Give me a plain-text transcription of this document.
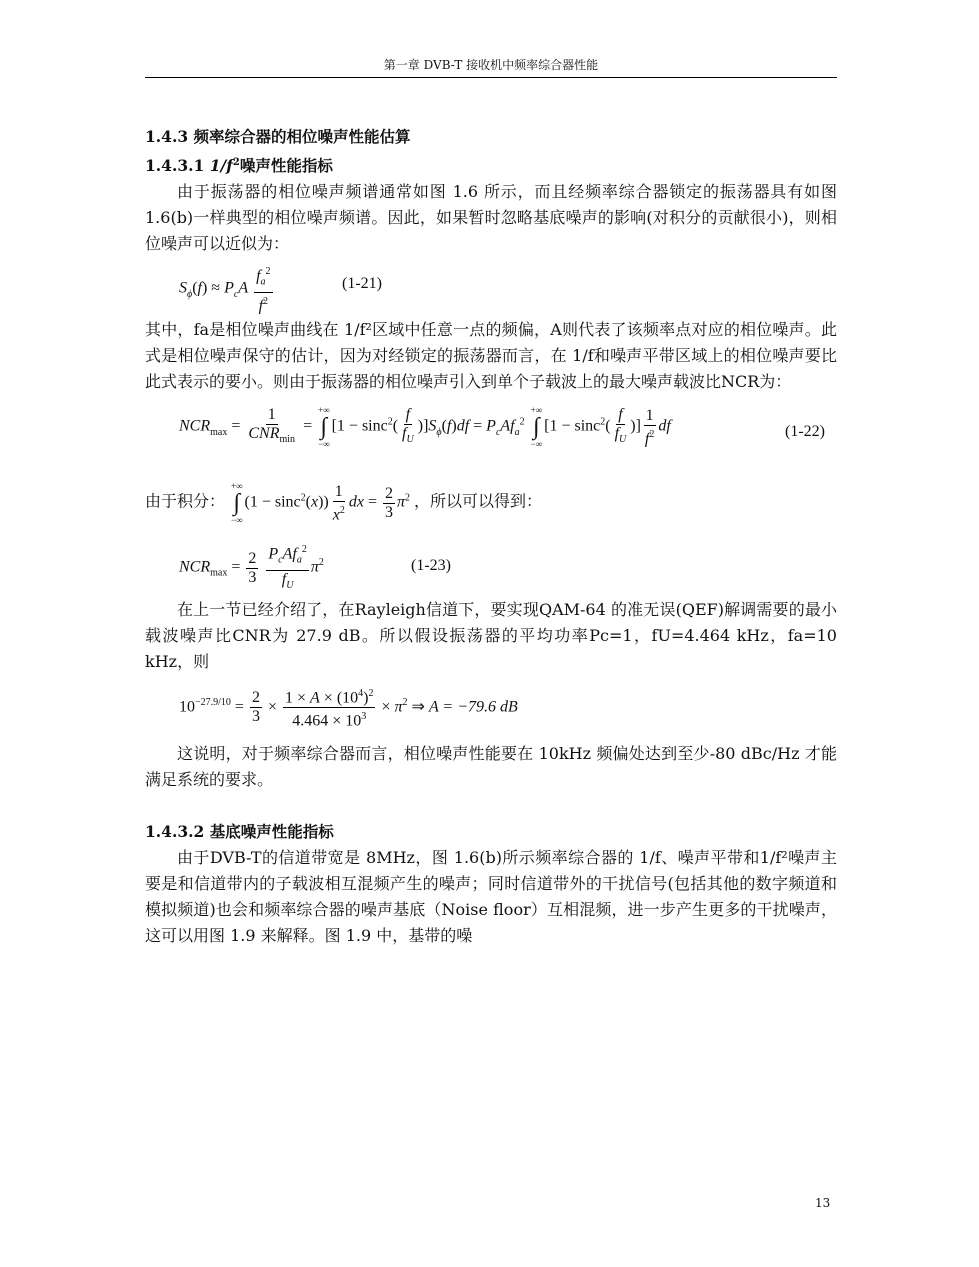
第一章 DVB-T 接收机中频率综合器性能
1.4.3 频率综合器的相位噪声性能估算
1.4.3.1 $1/f^2$噪声性能指标

由于振荡器的相位噪声频谱通常如图 1.6 所示，而且经频率综合器锁定的振荡器具有如图 1.6(b)一样典型的相位噪声频谱。因此，如果暂时忽略基底噪声的影响(对积分的贡献很小)，则相位噪声可以近似为：

$S_\phi(f) \approx P_cA \frac{f_a^2}{f^2}$	(1-21)

其中，fa是相位噪声曲线在 1/f²区域中任意一点的频偏，A则代表了该频率点对应的相位噪声。此式是相位噪声保守的估计，因为对经锁定的振荡器而言，在 1/f和噪声平带区域上的相位噪声要比此式表示的要小。则由于振荡器的相位噪声引入到单个子载波上的最大噪声载波比NCR为：

$NCR_{max} = \frac{1}{CNR_{min}}$ =
+∞
∫
−∞
$[1 - \sin c^2( \frac{f}{f_U} )]S_\phi(f)df = P_cAf_a^2$
+∞
∫
−∞
[$1 - \sin c^2( \frac{f}{f_U}$ )] $\frac{1}{f^2}$ df	(1-22)
由于积分：
+∞
∫
−∞
$(1 - \sin c^2(x)) \frac{1}{x^2}$ dx = $\frac{2}{3} \pi^2$ ，所以可以得到：
$NCR_{max} = \frac{2}{3}$
$\frac{P_cAf_a^2}{f_U} \pi^2$	(1-23)

在上一节已经介绍了，在Rayleigh信道下，要实现QAM-64 的准无误(QEF)解调需要的最小载波噪声比CNR为 27.9 dB。所以假设振荡器的平均功率Pc=1，fU=4.464 kHz，fa=10 kHz，则

$10^{-27.9/10} = \frac{2}{3} \times \frac{1 \times A \times (10^4)^2}{4.464 \times 10^3} \times \pi^2$ ⇒ A = −79.6 dB

这说明，对于频率综合器而言，相位噪声性能要在 10kHz 频偏处达到至少-80 dBc/Hz 才能满足系统的要求。

1.4.3.2 基底噪声性能指标

由于DVB-T的信道带宽是 8MHz，图 1.6(b)所示频率综合器的 1/f、噪声平带和1/f²噪声主要是和信道带内的子载波相互混频产生的噪声；同时信道带外的干扰信号(包括其他的数字频道和模拟频道)也会和频率综合器的噪声基底（Noise floor）互相混频，进一步产生更多的干扰噪声，这可以用图 1.9 来解释。图 1.9 中，基带的噪

13
